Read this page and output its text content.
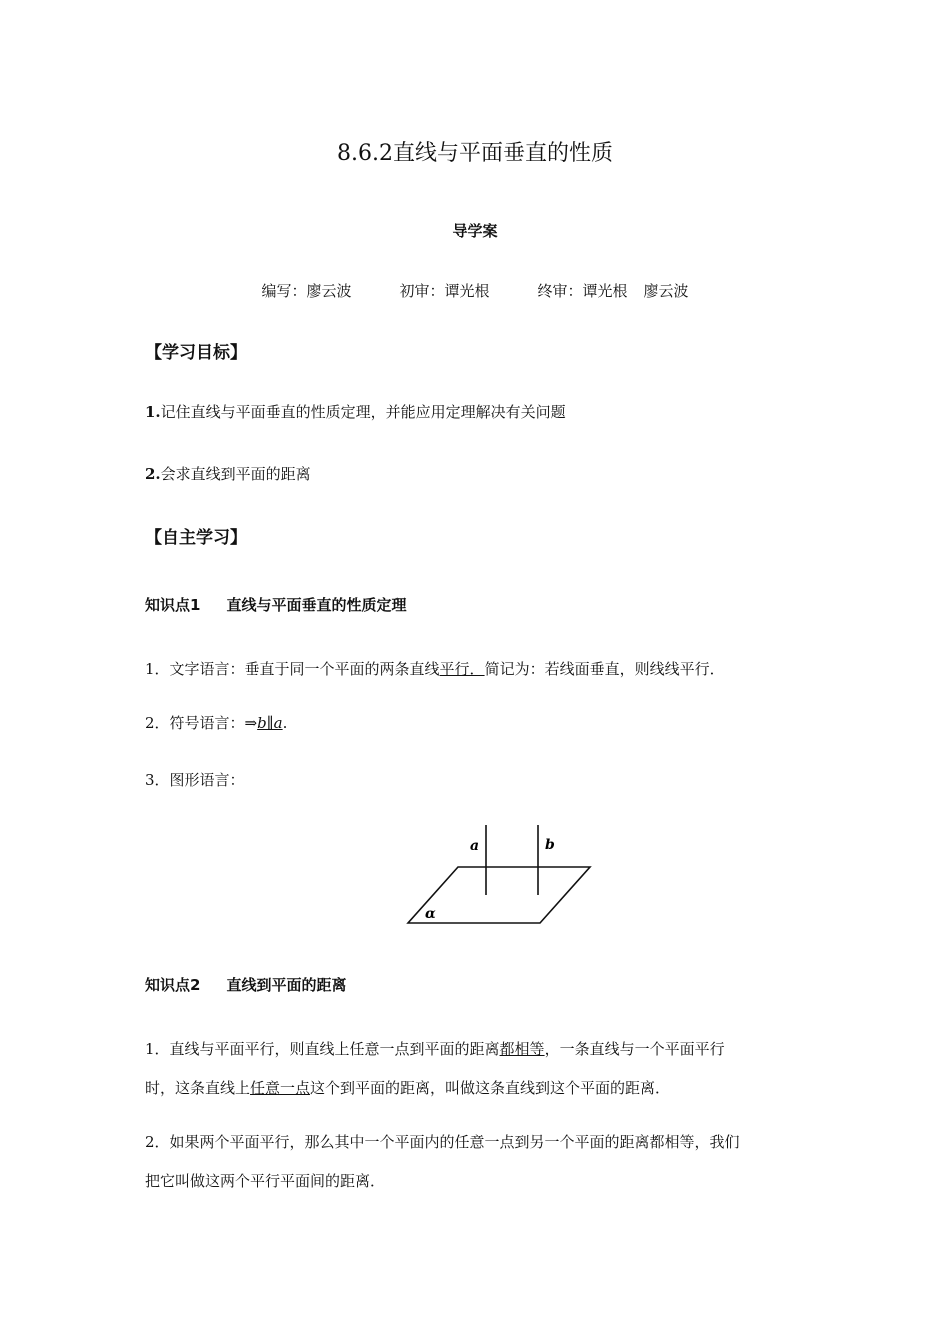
8.6.2直线与平面垂直的性质
导学案
编写：廖云波	初审：谭光根	终审：谭光根 廖云波
【学习目标】
1.记住直线与平面垂直的性质定理，并能应用定理解决有关问题
2.会求直线到平面的距离
【自主学习】
知识点1 直线与平面垂直的性质定理
1．文字语言：垂直于同一个平面的两条直线平行．简记为：若线面垂直，则线线平行．
2．符号语言：⇒b∥a.
3．图形语言：
a	b
α
知识点2 直线到平面的距离
1．直线与平面平行，则直线上任意一点到平面的距离都相等，一条直线与一个平面平行
时，这条直线上任意一点这个到平面的距离，叫做这条直线到这个平面的距离．
2．如果两个平面平行，那么其中一个平面内的任意一点到另一个平面的距离都相等，我们
把它叫做这两个平行平面间的距离．
